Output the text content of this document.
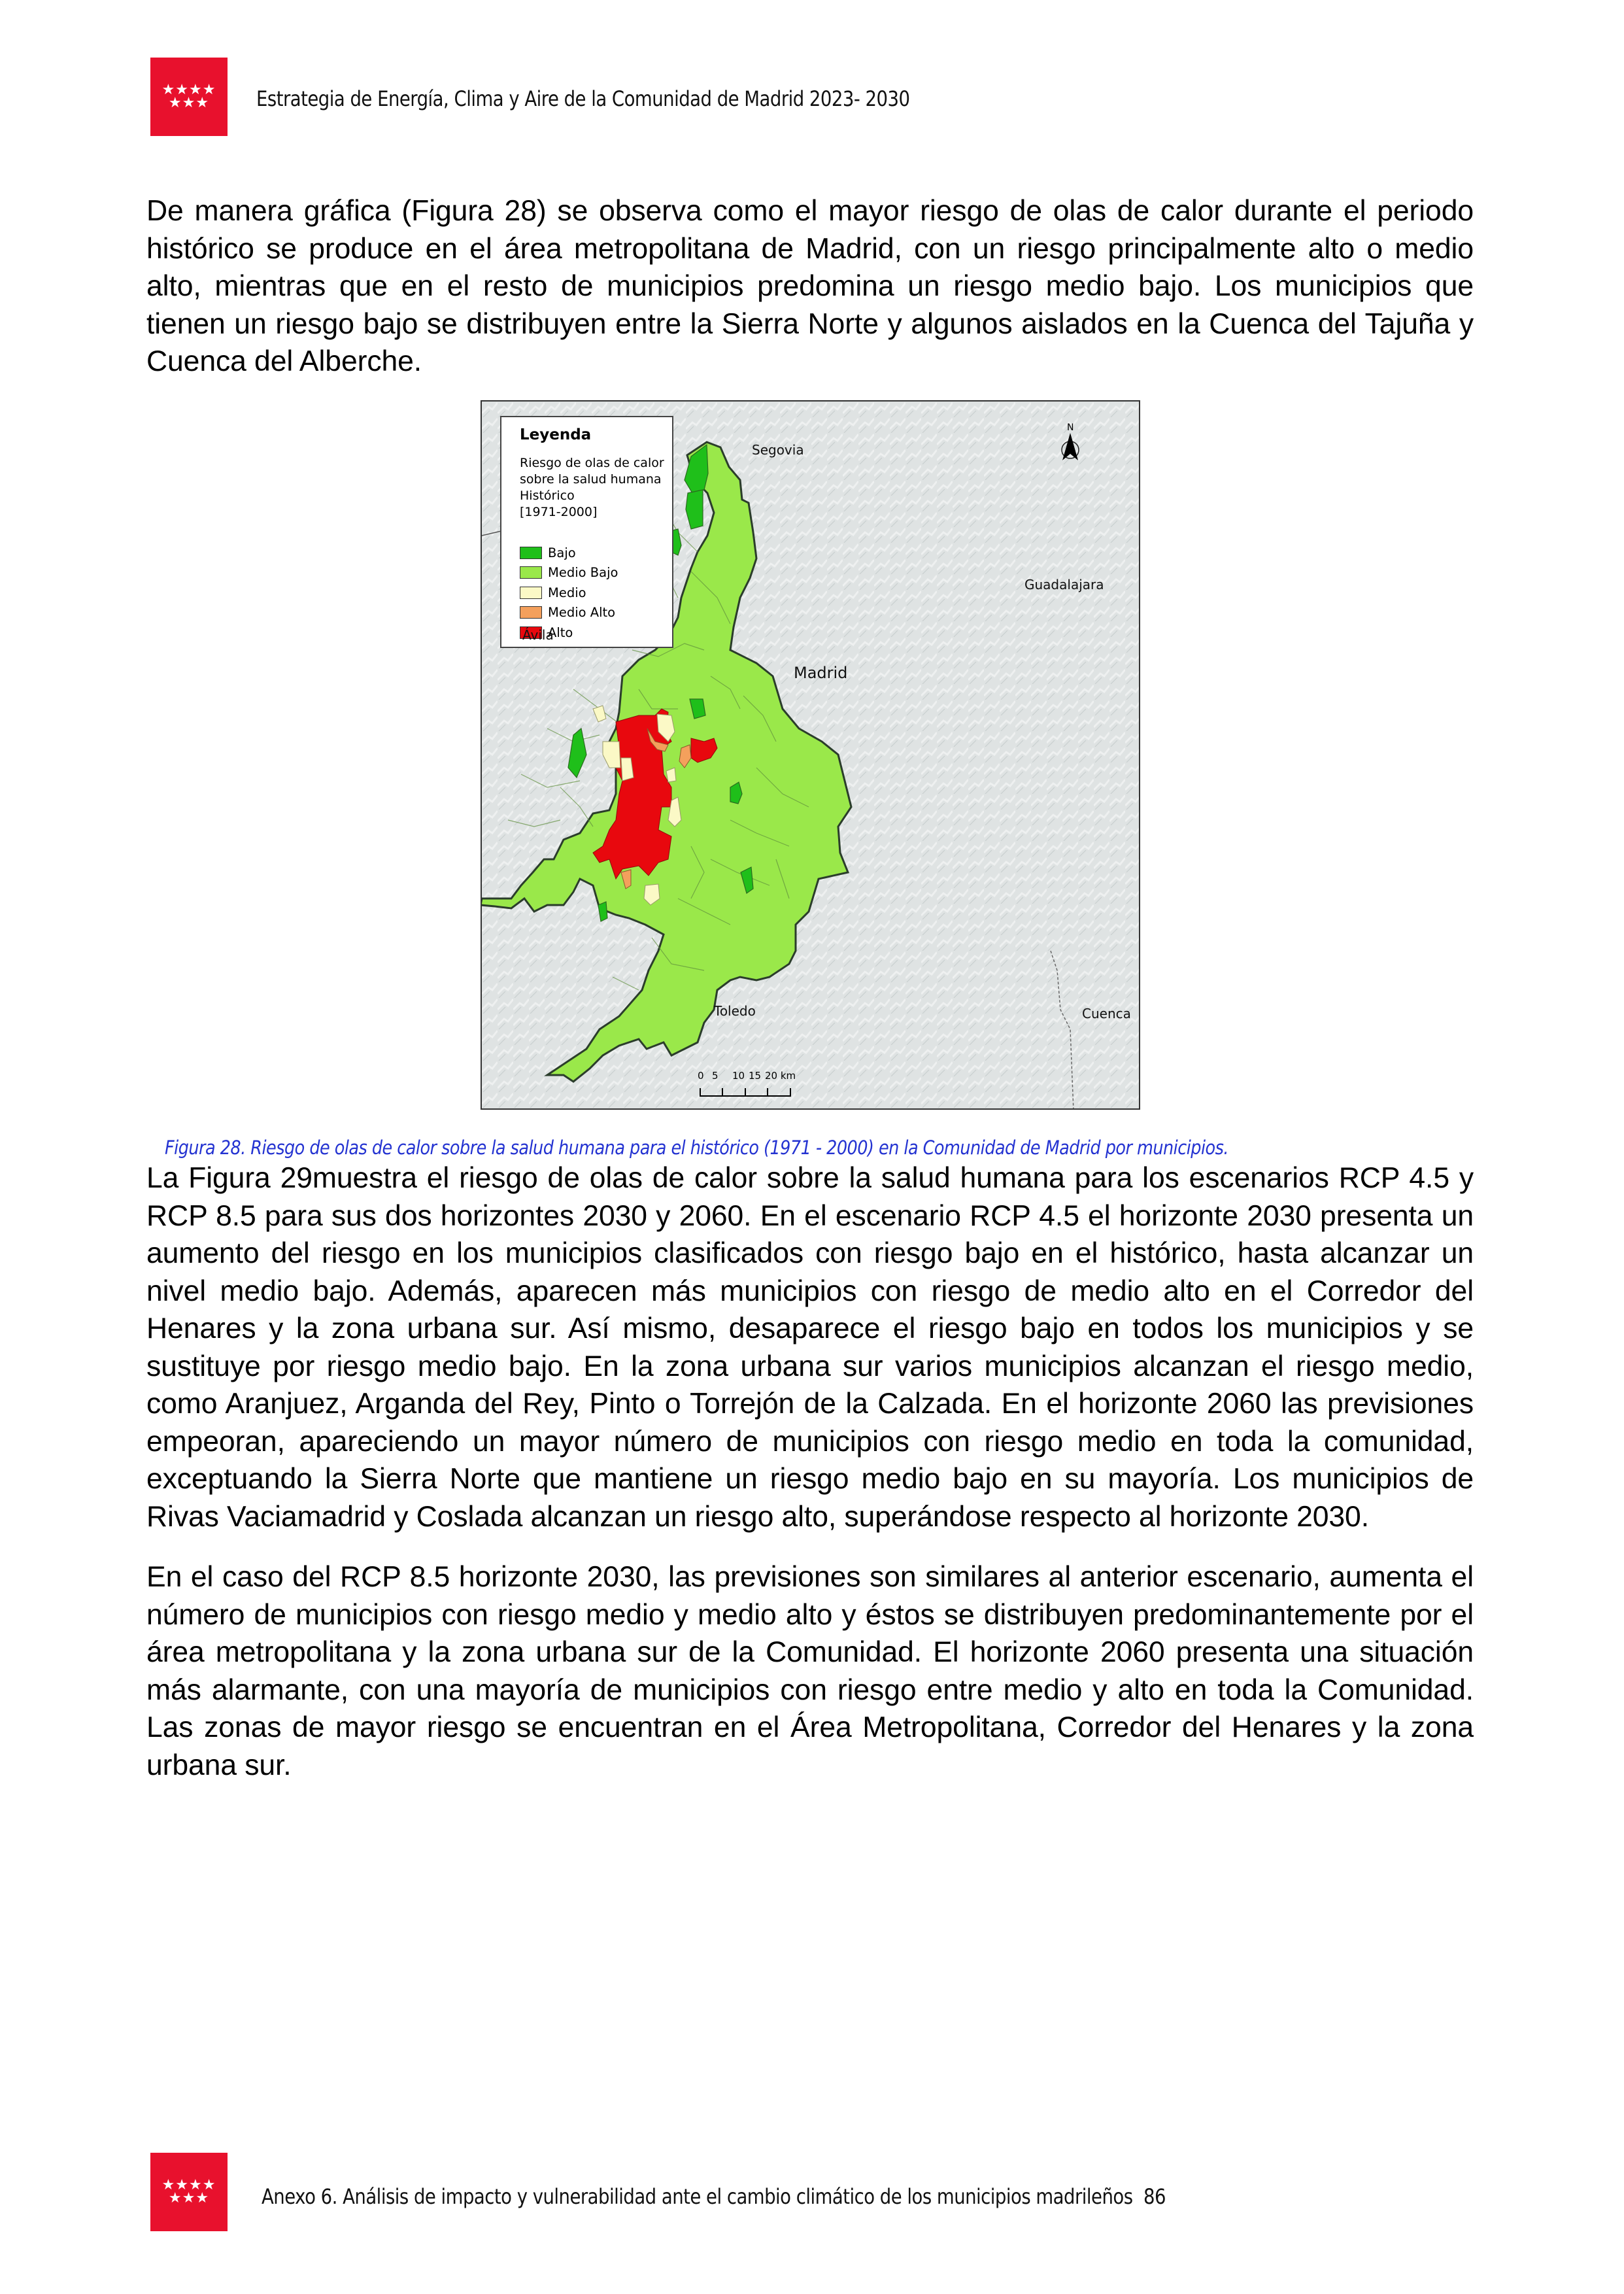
★★★★
★★★	Estrategia de Energía, Clima y Aire de la Comunidad de Madrid 2023- 2030

De manera gráfica (Figura 28) se observa como el mayor riesgo de olas de calor durante el periodo histórico se produce en el área metropolitana de Madrid, con un riesgo principalmente alto o medio alto, mientras que en el resto de municipios predomina un riesgo medio bajo. Los municipios que tienen un riesgo bajo se distribuyen entre la Sierra Norte y algunos aislados en la Cuenca del Tajuña y Cuenca del Alberche.

Leyenda
Riesgo de olas de calor
sobre la salud humana
Histórico
[1971-2000]
Bajo
Medio Bajo
Medio
Medio Alto
Alto
Segovia
Guadalajara
Ávila
Madrid
Toledo	Cuenca
N
0 5 10 15 20 km
Figura 28. Riesgo de olas de calor sobre la salud humana para el histórico (1971 - 2000) en la Comunidad de Madrid por municipios.

La Figura 29muestra el riesgo de olas de calor sobre la salud humana para los escenarios RCP 4.5 y RCP 8.5 para sus dos horizontes 2030 y 2060. En el escenario RCP 4.5 el horizonte 2030 presenta un aumento del riesgo en los municipios clasificados con riesgo bajo en el histórico, hasta alcanzar un nivel medio bajo. Además, aparecen más municipios con riesgo de medio alto en el Corredor del Henares y la zona urbana sur. Así mismo, desaparece el riesgo bajo en todos los municipios y se sustituye por riesgo medio bajo. En la zona urbana sur varios municipios alcanzan el riesgo medio, como Aranjuez, Arganda del Rey, Pinto o Torrejón de la Calzada. En el horizonte 2060 las previsiones empeoran, apareciendo un mayor número de municipios con riesgo medio en toda la comunidad, exceptuando la Sierra Norte que mantiene un riesgo medio bajo en su mayoría. Los municipios de Rivas Vaciamadrid y Coslada alcanzan un riesgo alto, superándose respecto al horizonte 2030.

En el caso del RCP 8.5 horizonte 2030, las previsiones son similares al anterior escenario, aumenta el número de municipios con riesgo medio y medio alto y éstos se distribuyen predominantemente por el área metropolitana y la zona urbana sur de la Comunidad. El horizonte 2060 presenta una situación más alarmante, con una mayoría de municipios con riesgo entre medio y alto en toda la Comunidad. Las zonas de mayor riesgo se encuentran en el Área Metropolitana, Corredor del Henares y la zona urbana sur.

★★★★
★★★	Anexo 6. Análisis de impacto y vulnerabilidad ante el cambio climático de los municipios madrileños 86
